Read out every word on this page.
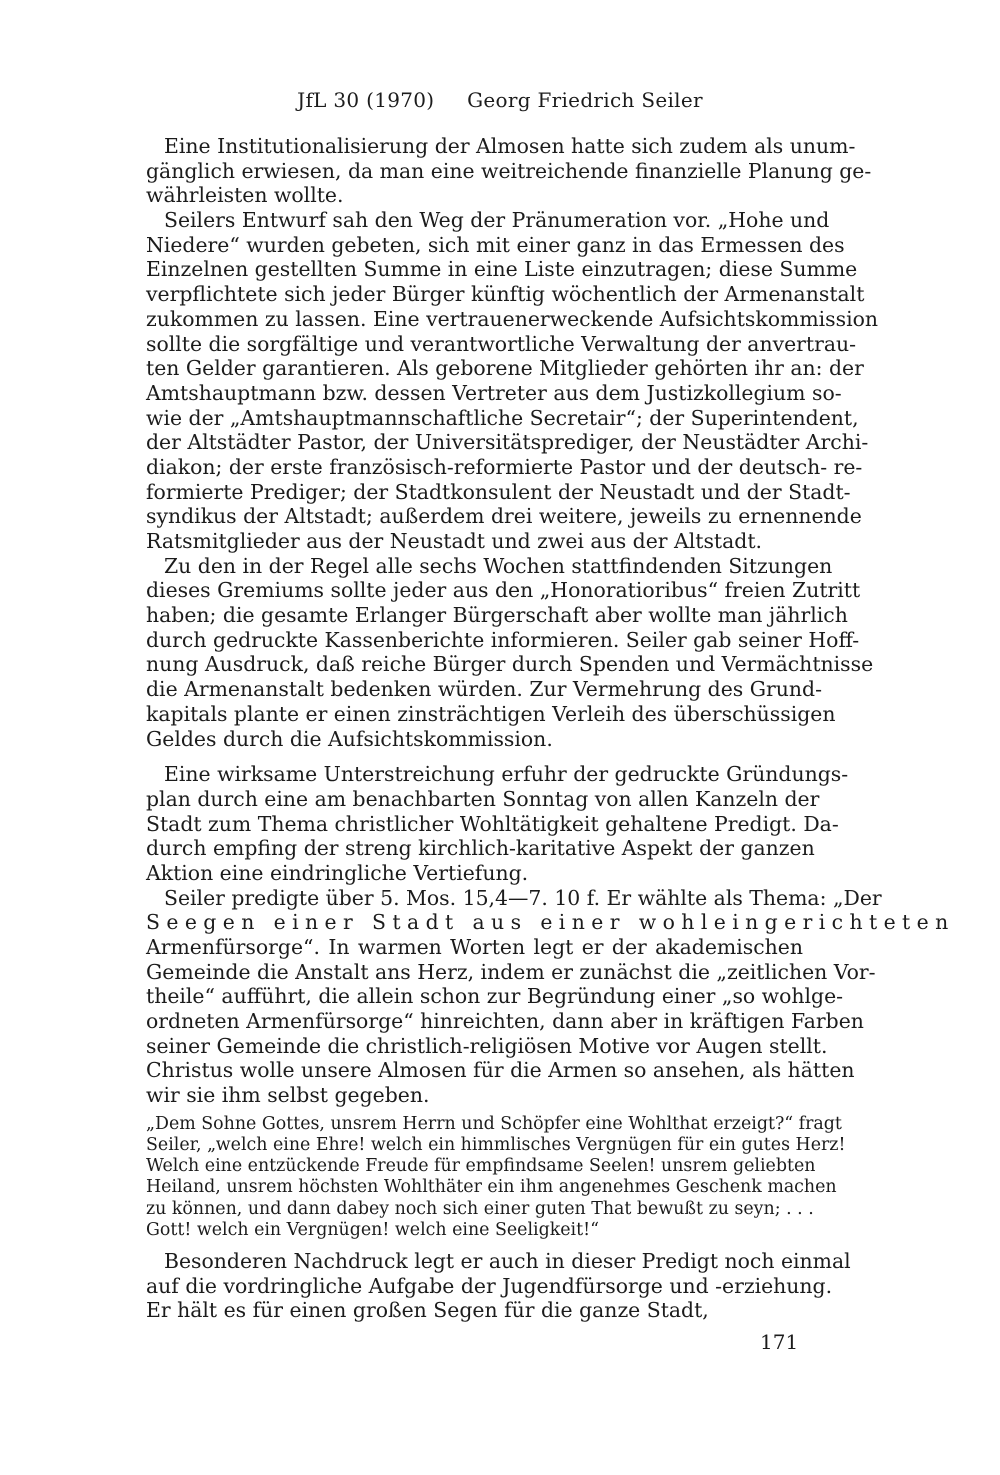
JfL 30 (1970) Georg Friedrich Seiler
Eine Institutionalisierung der Almosen hatte sich zudem als unum-
gänglich erwiesen, da man eine weitreichende finanzielle Planung ge-
währleisten wollte.
Seilers Entwurf sah den Weg der Pränumeration vor. „Hohe und
Niedere“ wurden gebeten, sich mit einer ganz in das Ermessen des
Einzelnen gestellten Summe in eine Liste einzutragen; diese Summe
verpflichtete sich jeder Bürger künftig wöchentlich der Armenanstalt
zukommen zu lassen. Eine vertrauenerweckende Aufsichtskommission
sollte die sorgfältige und verantwortliche Verwaltung der anvertrau-
ten Gelder garantieren. Als geborene Mitglieder gehörten ihr an: der
Amtshauptmann bzw. dessen Vertreter aus dem Justizkollegium so-
wie der „Amtshauptmannschaftliche Secretair“; der Superintendent,
der Altstädter Pastor, der Universitätsprediger, der Neustädter Archi-
diakon; der erste französisch-reformierte Pastor und der deutsch- re-
formierte Prediger; der Stadtkonsulent der Neustadt und der Stadt-
syndikus der Altstadt; außerdem drei weitere, jeweils zu ernennende
Ratsmitglieder aus der Neustadt und zwei aus der Altstadt.
Zu den in der Regel alle sechs Wochen stattfindenden Sitzungen
dieses Gremiums sollte jeder aus den „Honoratioribus“ freien Zutritt
haben; die gesamte Erlanger Bürgerschaft aber wollte man jährlich
durch gedruckte Kassenberichte informieren. Seiler gab seiner Hoff-
nung Ausdruck, daß reiche Bürger durch Spenden und Vermächtnisse
die Armenanstalt bedenken würden. Zur Vermehrung des Grund-
kapitals plante er einen zinsträchtigen Verleih des überschüssigen
Geldes durch die Aufsichtskommission.
Eine wirksame Unterstreichung erfuhr der gedruckte Gründungs-
plan durch eine am benachbarten Sonntag von allen Kanzeln der
Stadt zum Thema christlicher Wohltätigkeit gehaltene Predigt. Da-
durch empfing der streng kirchlich-karitative Aspekt der ganzen
Aktion eine eindringliche Vertiefung.
Seiler predigte über 5. Mos. 15,4—7. 10 f. Er wählte als Thema: „Der
Seegen einer Stadt aus einer wohleingerichteten
Armenfürsorge“. In warmen Worten legt er der akademischen
Gemeinde die Anstalt ans Herz, indem er zunächst die „zeitlichen Vor-
theile“ aufführt, die allein schon zur Begründung einer „so wohlge-
ordneten Armenfürsorge“ hinreichten, dann aber in kräftigen Farben
seiner Gemeinde die christlich-religiösen Motive vor Augen stellt.
Christus wolle unsere Almosen für die Armen so ansehen, als hätten
wir sie ihm selbst gegeben.
„Dem Sohne Gottes, unsrem Herrn und Schöpfer eine Wohlthat erzeigt?“ fragt
Seiler, „welch eine Ehre! welch ein himmlisches Vergnügen für ein gutes Herz!
Welch eine entzückende Freude für empfindsame Seelen! unsrem geliebten
Heiland, unsrem höchsten Wohlthäter ein ihm angenehmes Geschenk machen
zu können, und dann dabey noch sich einer guten That bewußt zu seyn; . . .
Gott! welch ein Vergnügen! welch eine Seeligkeit!“
Besonderen Nachdruck legt er auch in dieser Predigt noch einmal
auf die vordringliche Aufgabe der Jugendfürsorge und -erziehung.
Er hält es für einen großen Segen für die ganze Stadt,
171
